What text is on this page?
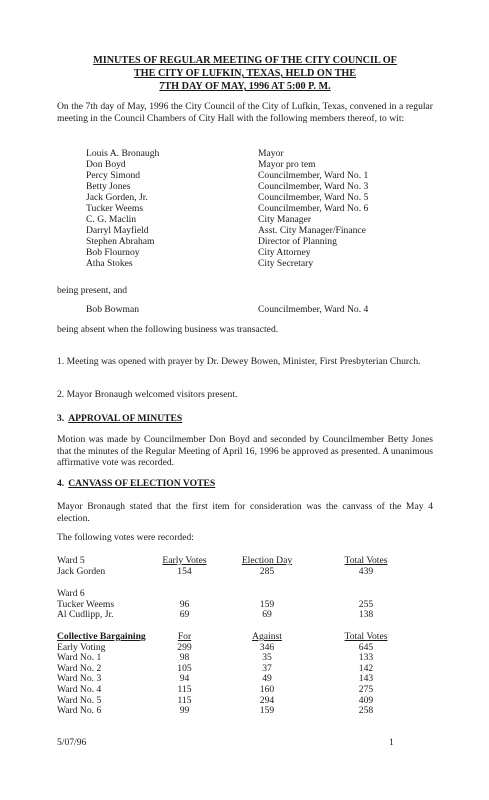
MINUTES OF REGULAR MEETING OF THE CITY COUNCIL OF
THE CITY OF LUFKIN, TEXAS, HELD ON THE
7TH DAY OF MAY, 1996 AT 5:00 P. M.
On the 7th day of May, 1996 the City Council of the City of Lufkin, Texas, convened in a regular meeting in the Council Chambers of City Hall with the following members thereof, to wit:
Louis A. Bronaugh	Mayor
Don Boyd	Mayor pro tem
Percy Simond	Councilmember, Ward No. 1
Betty Jones	Councilmember, Ward No. 3
Jack Gorden, Jr.	Councilmember, Ward No. 5
Tucker Weems	Councilmember, Ward No. 6
C. G. Maclin	City Manager
Darryl Mayfield	Asst. City Manager/Finance
Stephen Abraham	Director of Planning
Bob Flournoy	City Attorney
Atha Stokes	City Secretary
being present, and
Bob Bowman	Councilmember, Ward No. 4
being absent when the following business was transacted.
1. Meeting was opened with prayer by Dr. Dewey Bowen, Minister, First Presbyterian Church.
2. Mayor Bronaugh welcomed visitors present.
3. APPROVAL OF MINUTES
Motion was made by Councilmember Don Boyd and seconded by Councilmember Betty Jones that the minutes of the Regular Meeting of April 16, 1996 be approved as presented. A unanimous affirmative vote was recorded.
4. CANVASS OF ELECTION VOTES
Mayor Bronaugh stated that the first item for consideration was the canvass of the May 4 election.
The following votes were recorded:
Ward 5	Early Votes	Election Day	Total Votes
Jack Gorden	154	285	439
Ward 6
Tucker Weems	96	159	255
Al Cudlipp, Jr.	69	69	138
Collective Bargaining	For	Against	Total Votes
Early Voting	299	346	645
Ward No. 1	98	35	133
Ward No. 2	105	37	142
Ward No. 3	94	49	143
Ward No. 4	115	160	275
Ward No. 5	115	294	409
Ward No. 6	99	159	258
5/07/96	1
